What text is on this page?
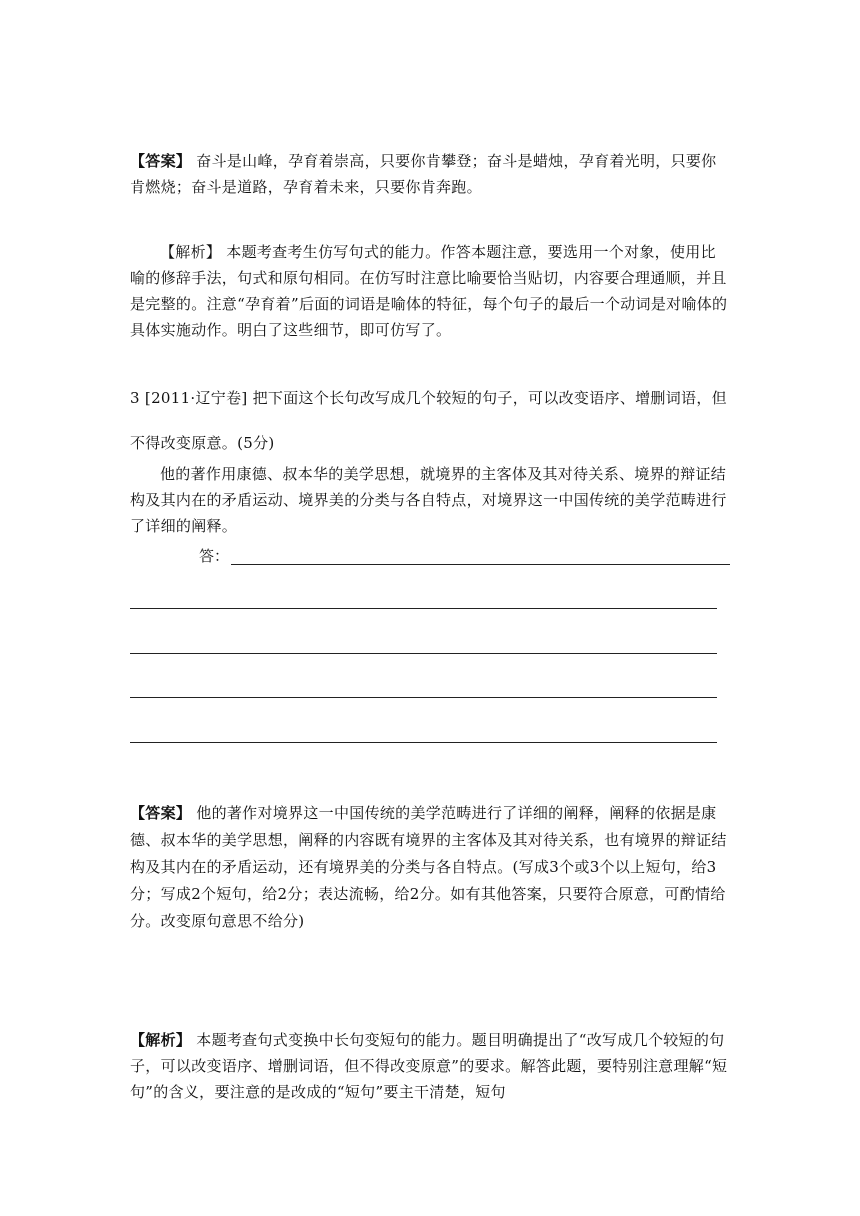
【答案】 奋斗是山峰，孕育着崇高，只要你肯攀登；奋斗是蜡烛，孕育着光明，只要你肯燃烧；奋斗是道路，孕育着未来，只要你肯奔跑。
【解析】 本题考查考生仿写句式的能力。作答本题注意，要选用一个对象，使用比喻的修辞手法，句式和原句相同。在仿写时注意比喻要恰当贴切，内容要合理通顺，并且是完整的。注意“孕育着”后面的词语是喻体的特征，每个句子的最后一个动词是对喻体的具体实施动作。明白了这些细节，即可仿写了。
3 [2011·辽宁卷] 把下面这个长句改写成几个较短的句子，可以改变语序、增删词语，但不得改变原意。(5分)
他的著作用康德、叔本华的美学思想，就境界的主客体及其对待关系、境界的辩证结构及其内在的矛盾运动、境界美的分类与各自特点，对境界这一中国传统的美学范畴进行了详细的阐释。
答：
【答案】 他的著作对境界这一中国传统的美学范畴进行了详细的阐释，阐释的依据是康德、叔本华的美学思想，阐释的内容既有境界的主客体及其对待关系，也有境界的辩证结构及其内在的矛盾运动，还有境界美的分类与各自特点。(写成3个或3个以上短句，给3分；写成2个短句，给2分；表达流畅，给2分。如有其他答案，只要符合原意，可酌情给分。改变原句意思不给分)
【解析】 本题考查句式变换中长句变短句的能力。题目明确提出了“改写成几个较短的句子，可以改变语序、增删词语，但不得改变原意”的要求。解答此题，要特别注意理解“短句”的含义，要注意的是改成的“短句”要主干清楚，短句
